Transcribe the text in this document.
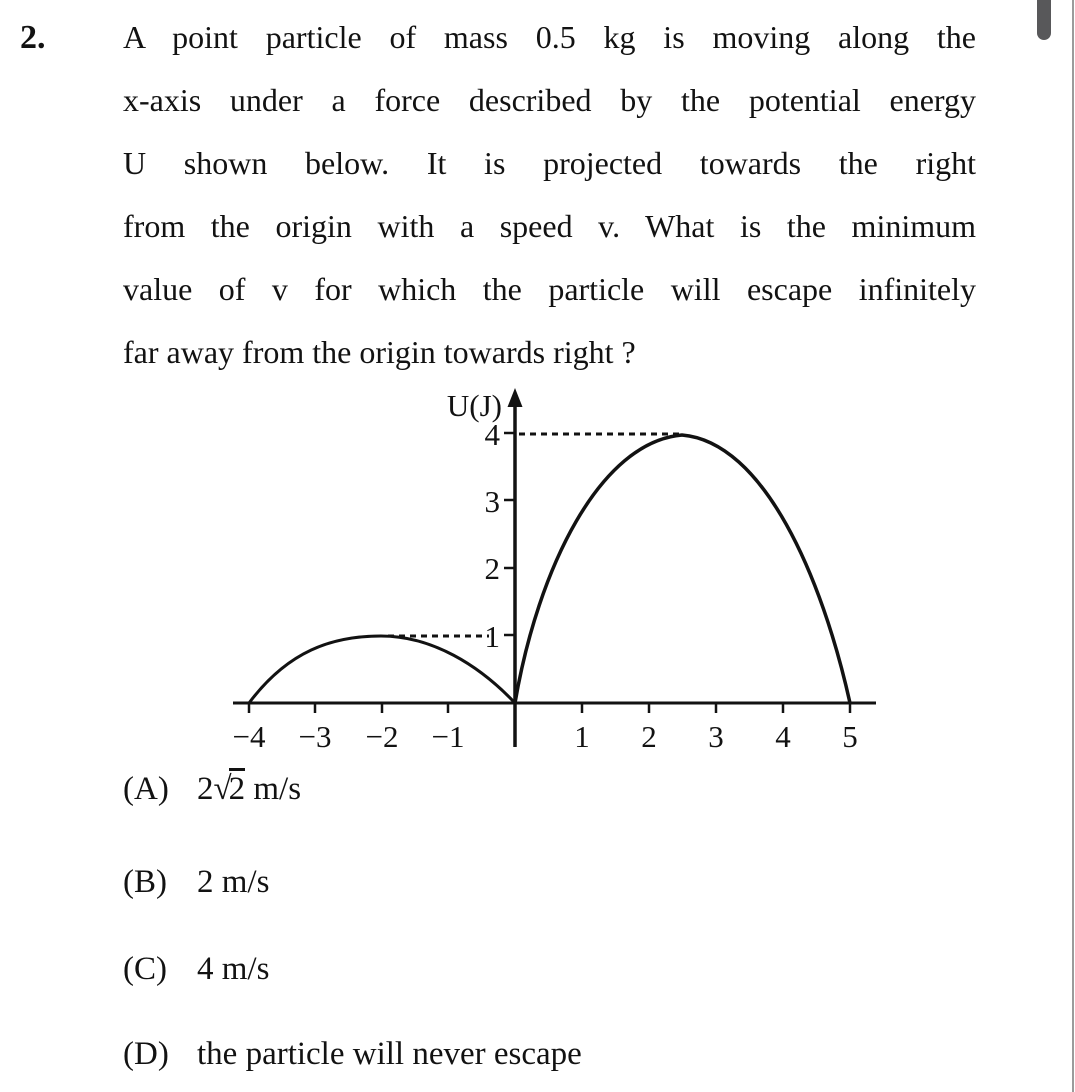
2.	A point particle of mass 0.5 kg is moving along the
x-axis under a force described by the potential energy
U shown below. It is projected towards the right
from the origin with a speed v. What is the minimum
value of v for which the particle will escape infinitely
far away from the origin towards right ?
U(J)
4
3
2
1
−4 −3 −2 −1	1 2 3 4 5
(A) 2√2 m/s
(B) 2 m/s
(C) 4 m/s
(D) the particle will never escape
